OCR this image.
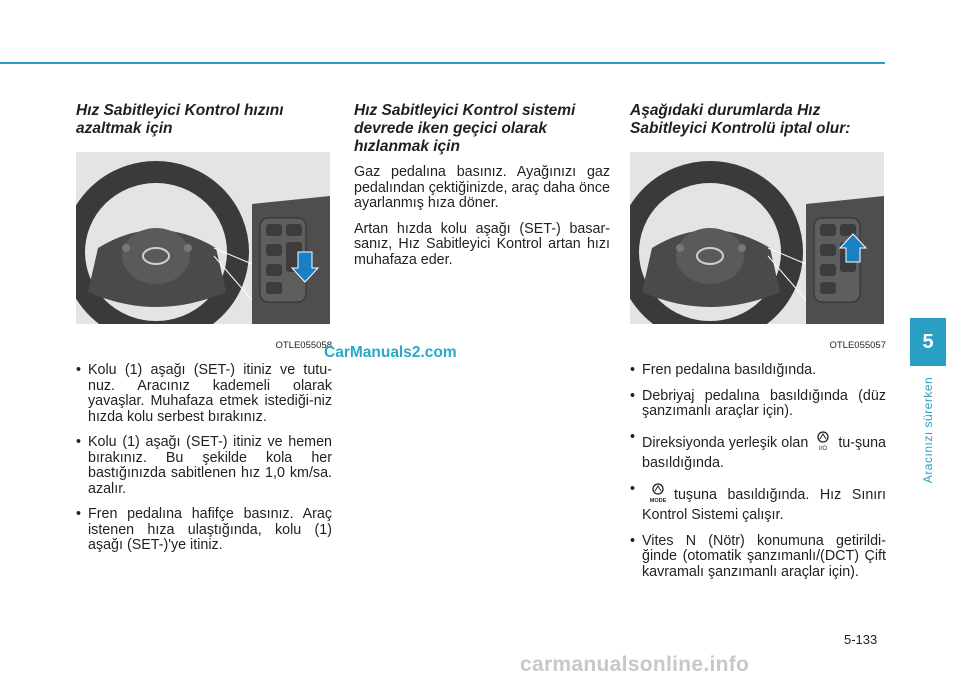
Hız Sabitleyici Kontrol hızını azaltmak için
OTLE055058
• Kolu (1) aşağı (SET-) itiniz ve tutu-nuz. Aracınız kademeli olarak yavaşlar. Muhafaza etmek istediği-niz hızda kolu serbest bırakınız.
• Kolu (1) aşağı (SET-) itiniz ve hemen bırakınız. Bu şekilde kola her bastığınızda sabitlenen hız 1,0 km/sa. azalır.
• Fren pedalına hafifçe basınız. Araç istenen hıza ulaştığında, kolu (1) aşağı (SET-)'ye itiniz.
Hız Sabitleyici Kontrol sistemi devrede iken geçici olarak hızlanmak için

Gaz pedalına basınız. Ayağınızı gaz pedalından çektiğinizde, araç daha önce ayarlanmış hıza döner.

Artan hızda kolu aşağı (SET-) basar-sanız, Hız Sabitleyici Kontrol artan hızı muhafaza eder.

Aşağıdaki durumlarda Hız Sabitleyici Kontrolü iptal olur:
OTLE055057
• Fren pedalına basıldığında.
• Debriyaj pedalına basıldığında (düz şanzımanlı araçlar için).
• Direksiyonda yerleşik olan I/O tu-şuna basıldığında.
• MODE tuşuna basıldığında. Hız Sınırı Kontrol Sistemi çalışır.
• Vites N (Nötr) konumuna getirildi-ğinde (otomatik şanzımanlı/(DCT) Çift kavramalı şanzımanlı araçlar için).
CarManuals2.com	5
Aracınızı sürerken
5-133
carmanualsonline.info
